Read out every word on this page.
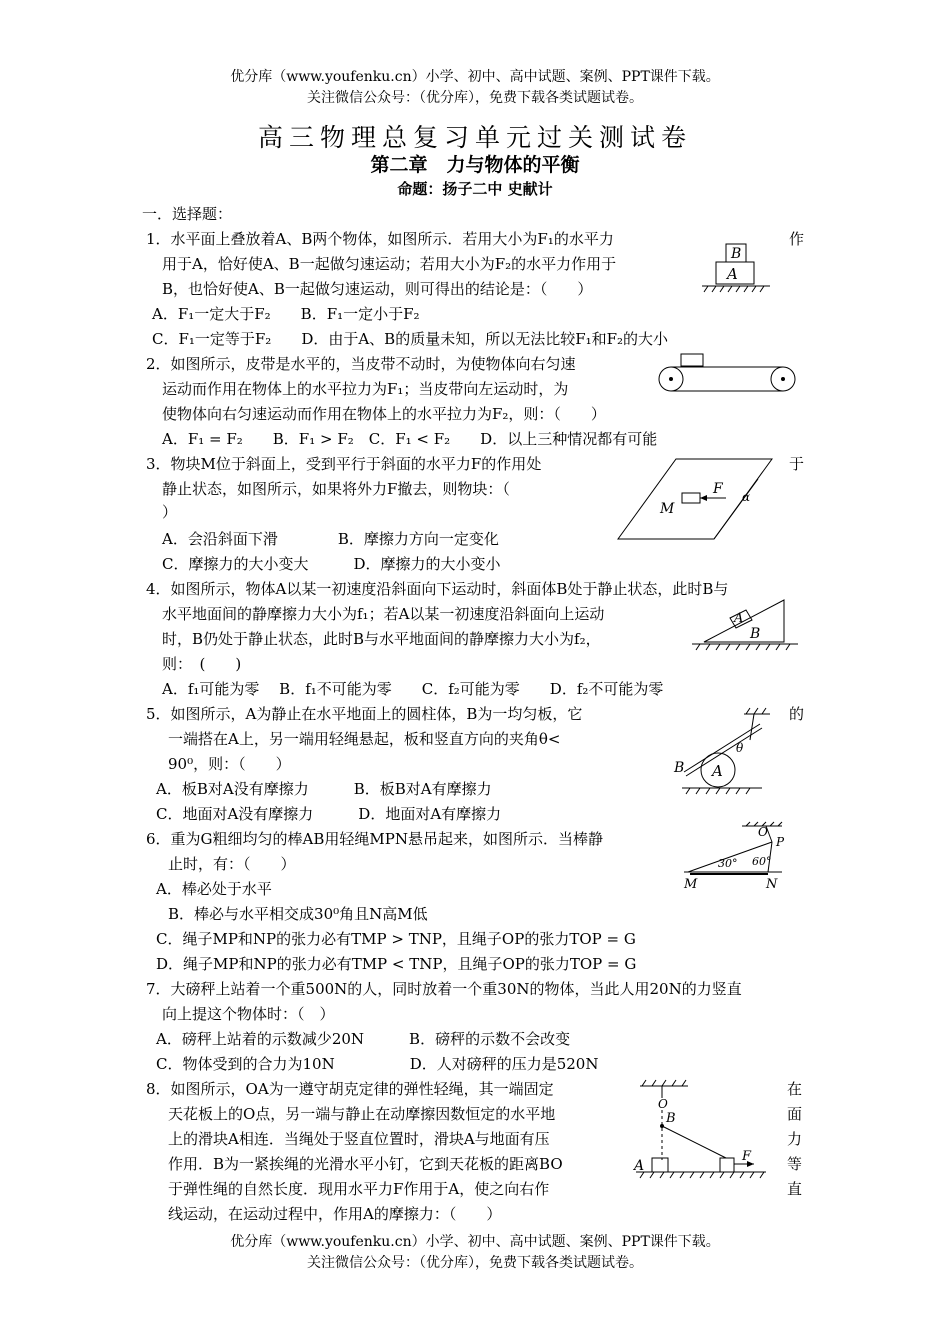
优分库（www.youfenku.cn）小学、初中、高中试题、案例、PPT课件下载。
关注微信公众号：（优分库），免费下载各类试题试卷。
高三物理总复习单元过关测试卷
第二章　力与物体的平衡
命题：扬子二中 史献计
一．选择题：
1．水平面上叠放着A、B两个物体，如图所示．若用大小为F₁的水平力	作
用于A，恰好使A、B一起做匀速运动；若用大小为F₂的水平力作用于
B，也恰好使A、B一起做匀速运动，则可得出的结论是：（　　）
A．F₁一定大于F₂　　B．F₁一定小于F₂
C．F₁一定等于F₂　　D．由于A、B的质量未知，所以无法比较F₁和F₂的大小
B
A
2．如图所示，皮带是水平的，当皮带不动时，为使物体向右匀速
运动而作用在物体上的水平拉力为F₁；当皮带向左运动时，为
使物体向右匀速运动而作用在物体上的水平拉力为F₂，则：（　　）
A．F₁ = F₂　　B．F₁ > F₂　C．F₁ < F₂　　D．以上三种情况都有可能
3．物块M位于斜面上，受到平行于斜面的水平力F的作用处	于
静止状态，如图所示，如果将外力F撤去，则物块：（
）
A．会沿斜面下滑　　　　B．摩擦力方向一定变化
C．摩擦力的大小变大　　　D．摩擦力的大小变小
F
M
α
4．如图所示，物体A以某一初速度沿斜面向下运动时，斜面体B处于静止状态，此时B与
水平地面间的静摩擦力大小为f₁；若A以某一初速度沿斜面向上运动
时，B仍处于静止状态，此时B与水平地面间的静摩擦力大小为f₂，
则：　(　　)
A．f₁可能为零　 B．f₁不可能为零　　C．f₂可能为零　　D．f₂不可能为零
A
B
5．如图所示，A为静止在水平地面上的圆柱体，B为一均匀板，它	的
一端搭在A上，另一端用轻绳悬起，板和竖直方向的夹角θ<
90⁰，则：（　　）
A．板B对A没有摩擦力　　　B．板B对A有摩擦力
C．地面对A没有摩擦力　　　D．地面对A有摩擦力
A
B
θ
6．重为G粗细均匀的棒AB用轻绳MPN悬吊起来，如图所示．当棒静
止时，有：（　　）
A．棒必处于水平
B．棒必与水平相交成30⁰角且N高M低
C．绳子MP和NP的张力必有TMP > TNP，且绳子OP的张力TOP = G
D．绳子MP和NP的张力必有TMP < TNP，且绳子OP的张力TOP = G
O
P
30° 60°
M	N
7．大磅秤上站着一个重500N的人，同时放着一个重30N的物体，当此人用20N的力竖直
向上提这个物体时：（　）
A．磅秤上站着的示数减少20N　　　B．磅秤的示数不会改变
C．物体受到的合力为10N　　　　　D．人对磅秤的压力是520N
8．如图所示，OA为一遵守胡克定律的弹性轻绳，其一端固定
天花板上的O点，另一端与静止在动摩擦因数恒定的水平地
上的滑块A相连．当绳处于竖直位置时，滑块A与地面有压
作用．B为一紧挨绳的光滑水平小钉，它到天花板的距离BO
于弹性绳的自然长度．现用水平力F作用于A，使之向右作
线运动，在运动过程中，作用A的摩擦力：（　　）
在
面
力
等
直
O
B
A
F
优分库（www.youfenku.cn）小学、初中、高中试题、案例、PPT课件下载。
关注微信公众号：（优分库），免费下载各类试题试卷。
